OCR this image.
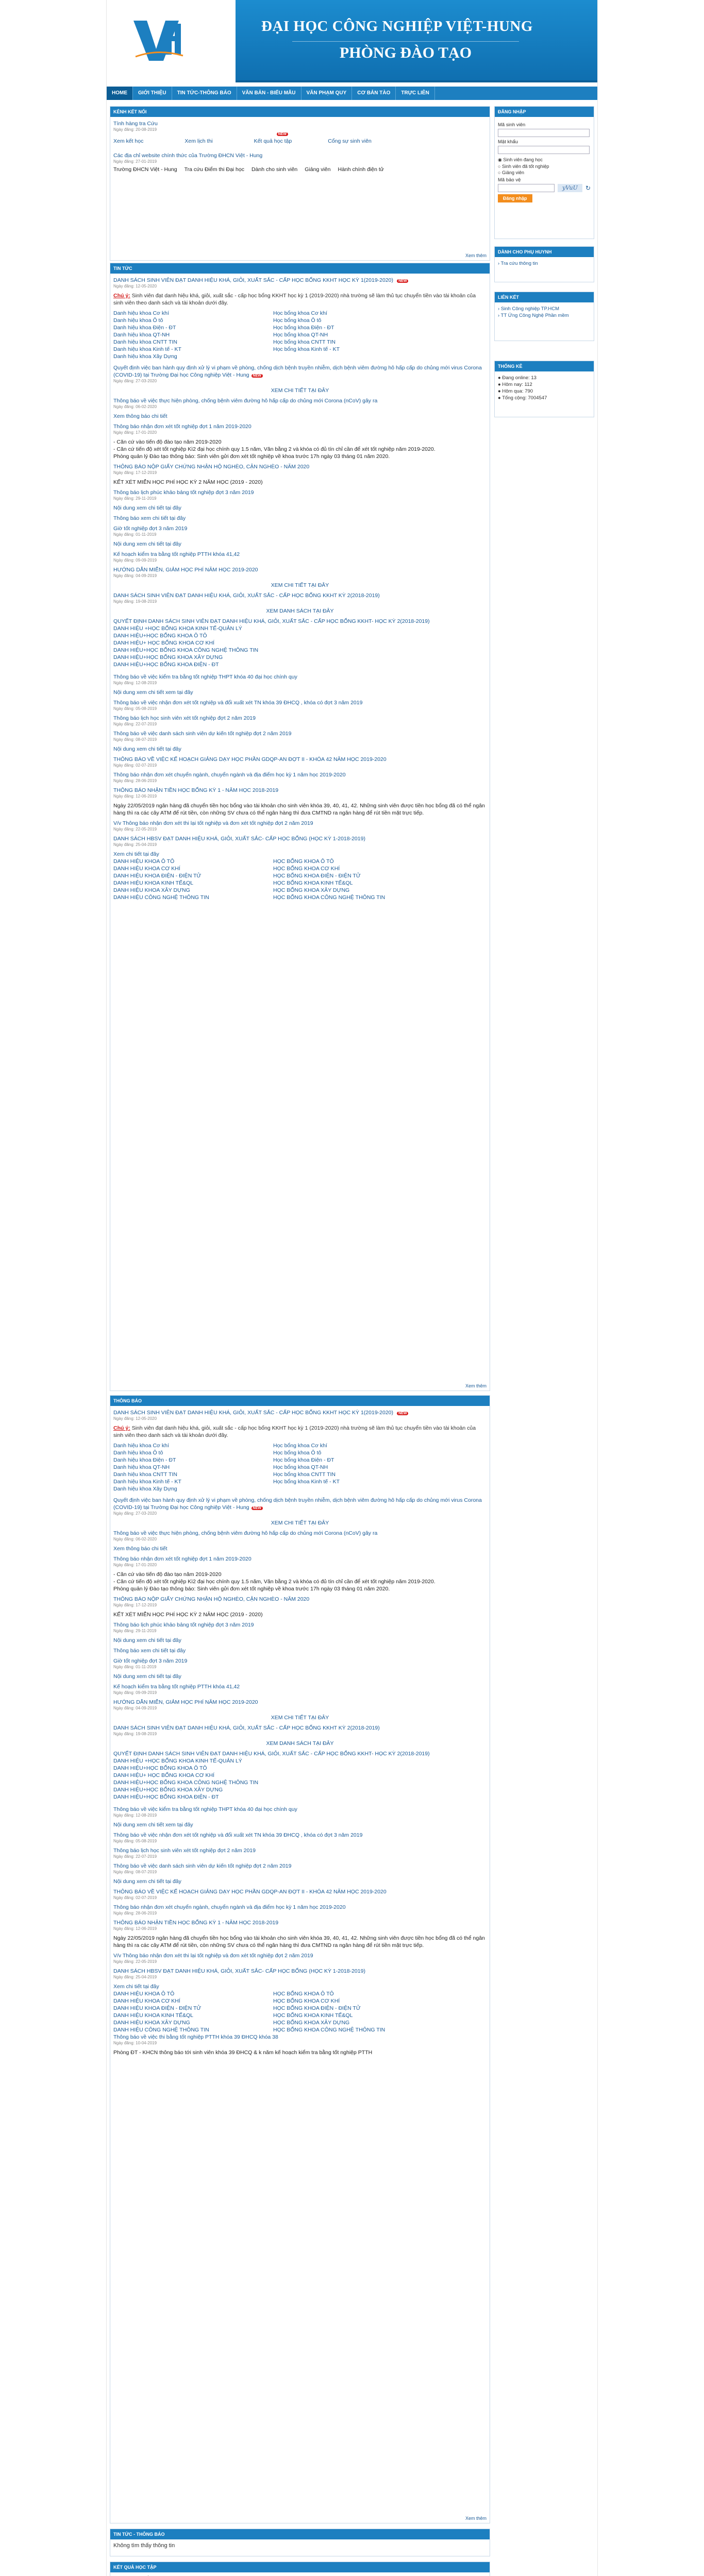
ĐẠI HỌC CÔNG NGHIỆP VIỆT-HUNG
PHÒNG ĐÀO TẠO
HOME	GIỚI THIỆU	TIN TỨC-THÔNG BÁO	VĂN BẢN - BIỂU MẪU	VĂN PHẠM QUY	CƠ BẢN TÀO	TRỰC LIÊN
KÊNH KẾT NỐI
Tính hàng tra Cứu
Ngày đăng: 20-08-2019
Xem kết học	Xem lịch thi
NEW
Kết quả học tập	Cổng sự sinh viên
Các địa chỉ website chính thức của Trường ĐHCN Việt - Hung
Ngày đăng: 27-01-2019
Trường ĐHCN Việt - Hung Tra cứu Điểm thi Đại học Dành cho sinh viên Giảng viên Hành chính điện tử
Xem thêm
TIN TỨC
DANH SÁCH SINH VIÊN ĐẠT DANH HIỆU KHÁ, GIỎI, XUẤT SẮC - CẤP HỌC BỔNG KKHT HỌC KỲ 1(2019-2020) NEW
Ngày đăng: 12-05-2020
Chú ý: Sinh viên đạt danh hiệu khá, giỏi, xuất sắc - cấp học bổng KKHT học kỳ 1 (2019-2020) nhà trường sẽ làm thủ tục chuyển tiền vào tài khoản của sinh viên theo danh sách và tài khoản dưới đây.
Danh hiệu khoa Cơ khí	Học bổng khoa Cơ khí
Danh hiệu khoa Ô tô	Học bổng khoa Ô tô
Danh hiệu khoa Điện - ĐT	Học bổng khoa Điện - ĐT
Danh hiệu khoa QT-NH	Học bổng khoa QT-NH
Danh hiệu khoa CNTT TIN	Học bổng khoa CNTT TIN
Danh hiệu khoa Kinh tế - KT	Học bổng khoa Kinh tế - KT
Danh hiệu khoa Xây Dựng
Quyết định việc ban hành quy định xử lý vi phạm về phòng, chống dịch bệnh truyền nhiễm, dịch bệnh viêm đường hô hấp cấp do chủng mới virus Corona (COVID-19) tại Trường Đại học Công nghiệp Việt - Hung NEW
Ngày đăng: 27-03-2020
XEM CHI TIẾT TẠI ĐÂY
Thông báo về việc thực hiện phòng, chống bệnh viêm đường hô hấp cấp do chủng mới Corona (nCoV) gây ra
Ngày đăng: 06-02-2020
Xem thông báo chi tiết
Thông báo nhận đơn xét tốt nghiệp đợt 1 năm 2019-2020
Ngày đăng: 17-01-2020
- Căn cứ vào tiến độ đào tạo năm 2019-2020
- Căn cứ tiến độ xét tốt nghiệp Kì2 đại học chính quy 1.5 năm, Văn bằng 2 và khóa có đủ tín chỉ cần để xét tốt nghiệp năm 2019-2020.
Phòng quản lý Đào tạo thông báo: Sinh viên gửi đơn xét tốt nghiệp về khoa trước 17h ngày 03 tháng 01 năm 2020.
THÔNG BÁO NỘP GIẤY CHỨNG NHẬN HỘ NGHÈO, CẬN NGHÈO - NĂM 2020
Ngày đăng: 17-12-2019
KẾT XÉT MIỄN HỌC PHÍ HỌC KỲ 2 NĂM HỌC (2019 - 2020)
Thông báo lịch phúc khảo bảng tốt nghiệp đợt 3 năm 2019
Ngày đăng: 29-11-2019
Nội dung xem chi tiết tại đây
Thông báo xem chi tiết tại đây
Giờ tốt nghiệp đợt 3 năm 2019
Ngày đăng: 01-11-2019
Nội dung xem chi tiết tại đây
Kế hoạch kiểm tra bằng tốt nghiệp PTTH khóa 41,42
Ngày đăng: 09-09-2019
HƯỚNG DẪN MIỄN, GIẢM HỌC PHÍ NĂM HỌC 2019-2020
Ngày đăng: 04-09-2019
XEM CHI TIẾT TẠI ĐÂY
DANH SÁCH SINH VIÊN ĐẠT DANH HIỆU KHÁ, GIỎI, XUẤT SẮC - CẤP HỌC BỔNG KKHT KỲ 2(2018-2019)
Ngày đăng: 19-08-2019
XEM DANH SÁCH TẠI ĐÂY
QUYẾT ĐỊNH DANH SÁCH SINH VIÊN ĐẠT DANH HIỆU KHÁ, GIỎI, XUẤT SẮC - CẤP HỌC BỔNG KKHT- HỌC KỲ 2(2018-2019)
DANH HIỆU +HỌC BỔNG KHOA KINH TẾ-QUẢN LÝ
DANH HIỆU+HỌC BỔNG KHOA Ô TÔ
DANH HIỆU+ HỌC BỔNG KHOA CƠ KHÍ
DANH HIỆU+HỌC BỔNG KHOA CÔNG NGHỆ THÔNG TIN
DANH HIỆU+HỌC BỔNG KHOA XÂY DỰNG
DANH HIỆU+HỌC BỔNG KHOA ĐIỆN - ĐT
Thông báo về việc kiểm tra bằng tốt nghiệp THPT khóa 40 đại học chính quy
Ngày đăng: 12-08-2019
Nội dung xem chi tiết xem tại đây
Thông báo về việc nhận đơn xét tốt nghiệp và đổi xuất xét TN khóa 39 ĐHCQ , khóa có đợt 3 năm 2019
Ngày đăng: 05-08-2019
Thông báo lịch học sinh viên xét tốt nghiệp đợt 2 năm 2019
Ngày đăng: 22-07-2019
Thông báo về việc danh sách sinh viên dự kiến tốt nghiệp đợt 2 năm 2019
Ngày đăng: 08-07-2019
Nội dung xem chi tiết tại đây
THÔNG BÁO VỀ VIỆC KẾ HOẠCH GIẢNG DẠY HỌC PHẦN GDQP-AN ĐỢT II - KHÓA 42 NĂM HỌC 2019-2020
Ngày đăng: 02-07-2019
Thông báo nhận đơn xét chuyển ngành, chuyển ngành và địa điểm học kỳ 1 năm học 2019-2020
Ngày đăng: 28-06-2019
THÔNG BÁO NHẬN TIỀN HỌC BỔNG KỲ 1 - NĂM HỌC 2018-2019
Ngày đăng: 12-06-2019
Ngày 22/05/2019 ngân hàng đã chuyển tiền học bổng vào tài khoản cho sinh viên khóa 39, 40, 41, 42. Những sinh viên được tiền học bổng đã có thể ngân hàng thì ra các cây ATM để rút tiền, còn những SV chưa có thể ngân hàng thì đưa CMTND ra ngân hàng để rút tiền mặt trực tiếp.
V/v Thông báo nhận đơn xét thi lại tốt nghiệp và đơn xét tốt nghiệp đợt 2 năm 2019
Ngày đăng: 22-05-2019
DANH SÁCH HBSV ĐẠT DANH HIỆU KHÁ, GIỎI, XUẤT SẮC- CẤP HỌC BỔNG (HỌC KỲ 1-2018-2019)
Ngày đăng: 25-04-2019
Xem chi tiết tại đây
DANH HIỆU KHOA Ô TÔ	HỌC BỔNG KHOA Ô TÔ
DANH HIỆU KHOA CƠ KHÍ	HỌC BỔNG KHOA CƠ KHÍ
DANH HIỆU KHOA ĐIỆN - ĐIỆN TỬ	HỌC BỔNG KHOA ĐIỆN - ĐIỆN TỬ
DANH HIỆU KHOA KINH TẾ&QL	HỌC BỔNG KHOA KINH TẾ&QL
DANH HIỆU KHOA XÂY DỰNG	HỌC BỔNG KHOA XÂY DỰNG
DANH HIỆU CÔNG NGHỆ THÔNG TIN	HỌC BỔNG KHOA CÔNG NGHỆ THÔNG TIN
Xem thêm
THÔNG BÁO
DANH SÁCH SINH VIÊN ĐẠT DANH HIỆU KHÁ, GIỎI, XUẤT SẮC - CẤP HỌC BỔNG KKHT HỌC KỲ 1(2019-2020) NEW
Ngày đăng: 12-05-2020
Chú ý: Sinh viên đạt danh hiệu khá, giỏi, xuất sắc - cấp học bổng KKHT học kỳ 1 (2019-2020) nhà trường sẽ làm thủ tục chuyển tiền vào tài khoản của sinh viên theo danh sách và tài khoản dưới đây.
Danh hiệu khoa Cơ khí	Học bổng khoa Cơ khí
Danh hiệu khoa Ô tô	Học bổng khoa Ô tô
Danh hiệu khoa Điện - ĐT	Học bổng khoa Điện - ĐT
Danh hiệu khoa QT-NH	Học bổng khoa QT-NH
Danh hiệu khoa CNTT TIN	Học bổng khoa CNTT TIN
Danh hiệu khoa Kinh tế - KT	Học bổng khoa Kinh tế - KT
Danh hiệu khoa Xây Dựng
Quyết định việc ban hành quy định xử lý vi phạm về phòng, chống dịch bệnh truyền nhiễm, dịch bệnh viêm đường hô hấp cấp do chủng mới virus Corona (COVID-19) tại Trường Đại học Công nghiệp Việt - Hung NEW
Ngày đăng: 27-03-2020
XEM CHI TIẾT TẠI ĐÂY
Thông báo về việc thực hiện phòng, chống bệnh viêm đường hô hấp cấp do chủng mới Corona (nCoV) gây ra
Ngày đăng: 06-02-2020
Xem thông báo chi tiết
Thông báo nhận đơn xét tốt nghiệp đợt 1 năm 2019-2020
Ngày đăng: 17-01-2020
- Căn cứ vào tiến độ đào tạo năm 2019-2020
- Căn cứ tiến độ xét tốt nghiệp Kì2 đại học chính quy 1.5 năm, Văn bằng 2 và khóa có đủ tín chỉ cần để xét tốt nghiệp năm 2019-2020.
Phòng quản lý Đào tạo thông báo: Sinh viên gửi đơn xét tốt nghiệp về khoa trước 17h ngày 03 tháng 01 năm 2020.
THÔNG BÁO NỘP GIẤY CHỨNG NHẬN HỘ NGHÈO, CẬN NGHÈO - NĂM 2020
Ngày đăng: 17-12-2019
KẾT XÉT MIỄN HỌC PHÍ HỌC KỲ 2 NĂM HỌC (2019 - 2020)
Thông báo lịch phúc khảo bảng tốt nghiệp đợt 3 năm 2019
Ngày đăng: 29-11-2019
Nội dung xem chi tiết tại đây
Thông báo xem chi tiết tại đây
Giờ tốt nghiệp đợt 3 năm 2019
Ngày đăng: 01-11-2019
Nội dung xem chi tiết tại đây
Kế hoạch kiểm tra bằng tốt nghiệp PTTH khóa 41,42
Ngày đăng: 09-09-2019
HƯỚNG DẪN MIỄN, GIẢM HỌC PHÍ NĂM HỌC 2019-2020
Ngày đăng: 04-09-2019
XEM CHI TIẾT TẠI ĐÂY
DANH SÁCH SINH VIÊN ĐẠT DANH HIỆU KHÁ, GIỎI, XUẤT SẮC - CẤP HỌC BỔNG KKHT KỲ 2(2018-2019)
Ngày đăng: 19-08-2019
XEM DANH SÁCH TẠI ĐÂY
QUYẾT ĐỊNH DANH SÁCH SINH VIÊN ĐẠT DANH HIỆU KHÁ, GIỎI, XUẤT SẮC - CẤP HỌC BỔNG KKHT- HỌC KỲ 2(2018-2019)
DANH HIỆU +HỌC BỔNG KHOA KINH TẾ-QUẢN LÝ
DANH HIỆU+HỌC BỔNG KHOA Ô TÔ
DANH HIỆU+ HỌC BỔNG KHOA CƠ KHÍ
DANH HIỆU+HỌC BỔNG KHOA CÔNG NGHỆ THÔNG TIN
DANH HIỆU+HỌC BỔNG KHOA XÂY DỰNG
DANH HIỆU+HỌC BỔNG KHOA ĐIỆN - ĐT
Thông báo về việc kiểm tra bằng tốt nghiệp THPT khóa 40 đại học chính quy
Ngày đăng: 12-08-2019
Nội dung xem chi tiết xem tại đây
Thông báo về việc nhận đơn xét tốt nghiệp và đổi xuất xét TN khóa 39 ĐHCQ , khóa có đợt 3 năm 2019
Ngày đăng: 05-08-2019
Thông báo lịch học sinh viên xét tốt nghiệp đợt 2 năm 2019
Ngày đăng: 22-07-2019
Thông báo về việc danh sách sinh viên dự kiến tốt nghiệp đợt 2 năm 2019
Ngày đăng: 08-07-2019
Nội dung xem chi tiết tại đây
THÔNG BÁO VỀ VIỆC KẾ HOẠCH GIẢNG DẠY HỌC PHẦN GDQP-AN ĐỢT II - KHÓA 42 NĂM HỌC 2019-2020
Ngày đăng: 02-07-2019
Thông báo nhận đơn xét chuyển ngành, chuyển ngành và địa điểm học kỳ 1 năm học 2019-2020
Ngày đăng: 28-06-2019
THÔNG BÁO NHẬN TIỀN HỌC BỔNG KỲ 1 - NĂM HỌC 2018-2019
Ngày đăng: 12-06-2019
Ngày 22/05/2019 ngân hàng đã chuyển tiền học bổng vào tài khoản cho sinh viên khóa 39, 40, 41, 42. Những sinh viên được tiền học bổng đã có thể ngân hàng thì ra các cây ATM để rút tiền, còn những SV chưa có thể ngân hàng thì đưa CMTND ra ngân hàng để rút tiền mặt trực tiếp.
V/v Thông báo nhận đơn xét thi lại tốt nghiệp và đơn xét tốt nghiệp đợt 2 năm 2019
Ngày đăng: 22-05-2019
DANH SÁCH HBSV ĐẠT DANH HIỆU KHÁ, GIỎI, XUẤT SẮC- CẤP HỌC BỔNG (HỌC KỲ 1-2018-2019)
Ngày đăng: 25-04-2019
Xem chi tiết tại đây
DANH HIỆU KHOA Ô TÔ	HỌC BỔNG KHOA Ô TÔ
DANH HIỆU KHOA CƠ KHÍ	HỌC BỔNG KHOA CƠ KHÍ
DANH HIỆU KHOA ĐIỆN - ĐIỆN TỬ	HỌC BỔNG KHOA ĐIỆN - ĐIỆN TỬ
DANH HIỆU KHOA KINH TẾ&QL	HỌC BỔNG KHOA KINH TẾ&QL
DANH HIỆU KHOA XÂY DỰNG	HỌC BỔNG KHOA XÂY DỰNG
DANH HIỆU CÔNG NGHỆ THÔNG TIN	HỌC BỔNG KHOA CÔNG NGHỆ THÔNG TIN
Thông báo về việc thi bằng tốt nghiệp PTTH khóa 39 ĐHCQ khóa 38
Ngày đăng: 10-04-2019
Phòng ĐT - KHCN thông báo tới sinh viên khóa 39 ĐHCQ & k năm kế hoạch kiểm tra bằng tốt nghiệp PTTH
Xem thêm
TIN TỨC - THÔNG BÁO
Không tìm thấy thông tin
KẾT QUẢ HỌC TẬP
ĐĂNG NHẬP
Mã sinh viên
Mật khẩu
◉ Sinh viên đang học
○ Sinh viên đã tốt nghiệp
○ Giảng viên
Mã bảo vệ
yVuU	↻
Đăng nhập
DÀNH CHO PHỤ HUYNH
› Tra cứu thông tin
LIÊN KẾT
› Sinh Công nghiệp TP.HCM
› TT Ứng Công Nghệ Phần mềm
THỐNG KÊ
● Đang online: 13
● Hôm nay: 112
● Hôm qua: 790
● Tổng cộng: 7004547
